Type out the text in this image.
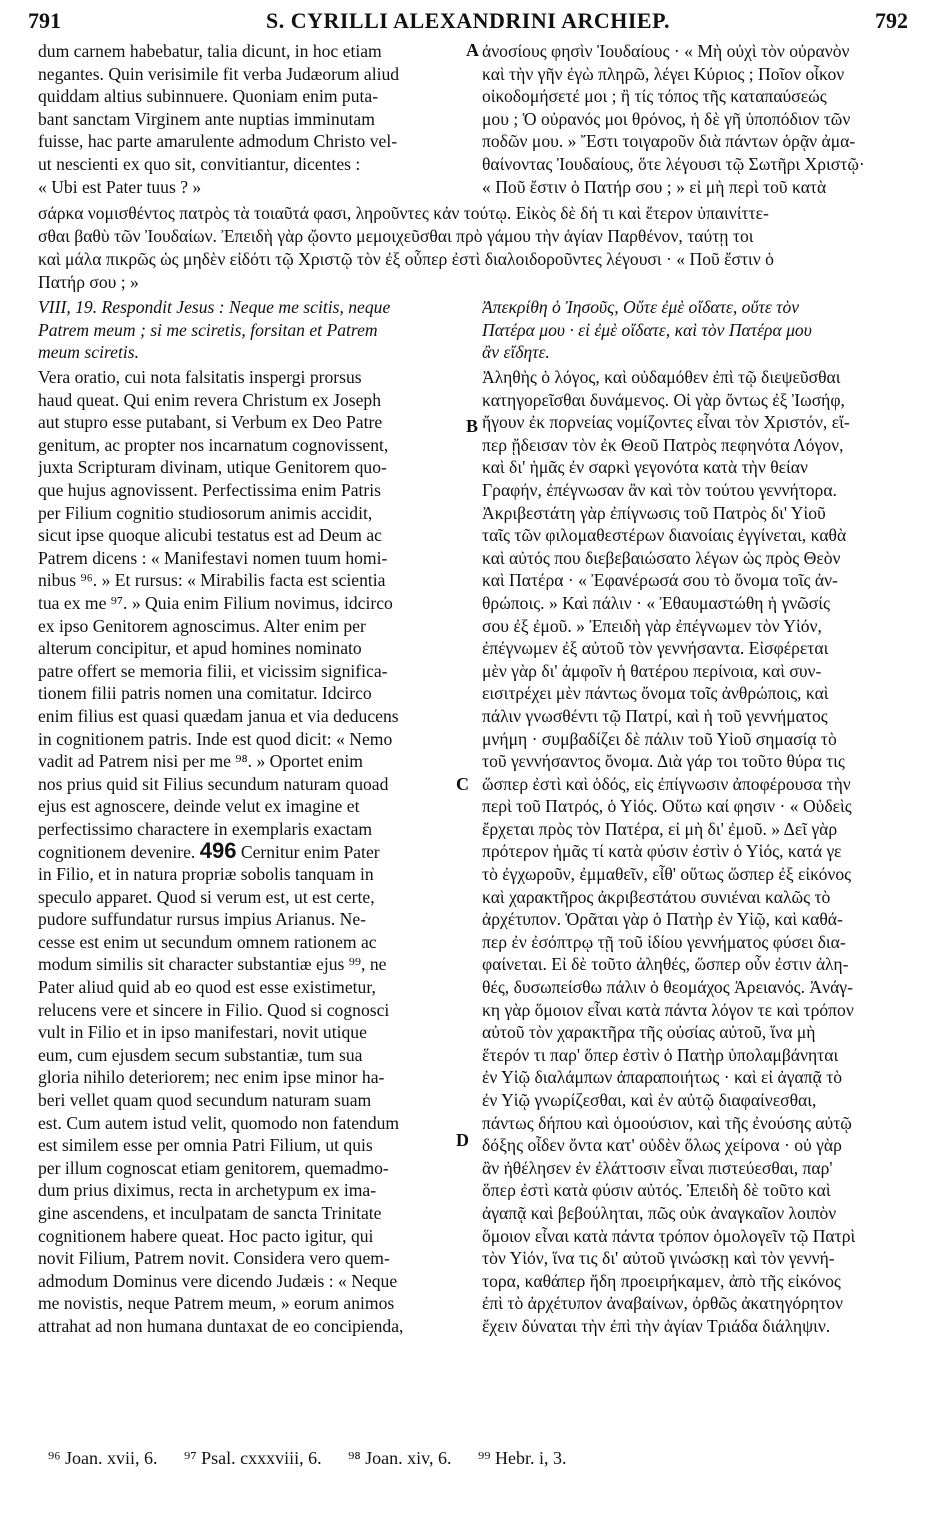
791	S. CYRILLI ALEXANDRINI ARCHIEP.	792
dum carnem habebatur, talia dicunt, in hoc etiam
negantes. Quin verisimile fit verba Judæorum aliud
quiddam altius subinnuere. Quoniam enim puta-
bant sanctam Virginem ante nuptias imminutam
fuisse, hac parte amarulente admodum Christo vel-
ut nescienti ex quo sit, convitiantur, dicentes :
« Ubi est Pater tuus ? »
ἀνοσίους φησὶν Ἰουδαίους · « Μὴ οὐχὶ τὸν οὐρανὸν
καὶ τὴν γῆν ἐγὼ πληρῶ, λέγει Κύριος ; Ποῖον οἶκον
οἰκοδομήσετέ μοι ; ἢ τίς τόπος τῆς καταπαύσεώς
μου ; Ὁ οὐρανός μοι θρόνος, ἡ δὲ γῆ ὑποπόδιον τῶν
ποδῶν μου. » Ἔστι τοιγαροῦν διὰ πάντων ὁρᾷν ἀμα-
θαίνοντας Ἰουδαίους, ὅτε λέγουσι τῷ Σωτῆρι Χριστῷ·
« Ποῦ ἔστιν ὁ Πατήρ σου ; » εἰ μὴ περὶ τοῦ κατὰ
σάρκα νομισθέντος πατρὸς τὰ τοιαῦτά φασι, ληροῦντες κἀν τούτῳ. Εἰκὸς δὲ δή τι καὶ ἕτερον ὑπαινίττε-
σθαι βαθὺ τῶν Ἰουδαίων. Ἐπειδὴ γὰρ ᾤοντο μεμοιχεῦσθαι πρὸ γάμου τὴν ἁγίαν Παρθένον, ταύτῃ τοι
καὶ μάλα πικρῶς ὡς μηδὲν εἰδότι τῷ Χριστῷ τὸν ἐξ οὗπερ ἐστὶ διαλοιδοροῦντες λέγουσι · « Ποῦ ἔστιν ὁ
Πατήρ σου ; »
VIII, 19. Respondit Jesus : Neque me scitis, neque
Patrem meum ; si me sciretis, forsitan et Patrem
meum sciretis.
Ἀπεκρίθη ὁ Ἰησοῦς, Οὔτε ἐμὲ οἴδατε, οὔτε τὸν
Πατέρα μου · εἰ ἐμὲ οἴδατε, καὶ τὸν Πατέρα μου
ἂν εἴδητε.
Vera oratio, cui nota falsitatis inspergi prorsus
haud queat. Qui enim revera Christum ex Joseph
aut stupro esse putabant, si Verbum ex Deo Patre
genitum, ac propter nos incarnatum cognovissent,
juxta Scripturam divinam, utique Genitorem quo-
que hujus agnovissent. Perfectissima enim Patris
per Filium cognitio studiosorum animis accidit,
sicut ipse quoque alicubi testatus est ad Deum ac
Patrem dicens : « Manifestavi nomen tuum homi-
nibus ⁹⁶. » Et rursus: « Mirabilis facta est scientia
tua ex me ⁹⁷. » Quia enim Filium novimus, idcirco
ex ipso Genitorem agnoscimus. Alter enim per
alterum concipitur, et apud homines nominato
patre offert se memoria filii, et vicissim significa-
tionem filii patris nomen una comitatur. Idcirco
enim filius est quasi quædam janua et via deducens
in cognitionem patris. Inde est quod dicit: « Nemo
vadit ad Patrem nisi per me ⁹⁸. » Oportet enim
nos prius quid sit Filius secundum naturam quoad
ejus est agnoscere, deinde velut ex imagine et
perfectissimo charactere in exemplaris exactam
cognitionem devenire. 496 Cernitur enim Pater
in Filio, et in natura propriæ sobolis tanquam in
speculo apparet. Quod si verum est, ut est certe,
pudore suffundatur rursus impius Arianus. Ne-
cesse est enim ut secundum omnem rationem ac
modum similis sit character substantiæ ejus ⁹⁹, ne
Pater aliud quid ab eo quod est esse existimetur,
relucens vere et sincere in Filio. Quod si cognosci
vult in Filio et in ipso manifestari, novit utique
eum, cum ejusdem secum substantiæ, tum sua
gloria nihilo deteriorem; nec enim ipse minor ha-
beri vellet quam quod secundum naturam suam
est. Cum autem istud velit, quomodo non fatendum
est similem esse per omnia Patri Filium, ut quis
per illum cognoscat etiam genitorem, quemadmo-
dum prius diximus, recta in archetypum ex ima-
gine ascendens, et inculpatam de sancta Trinitate
cognitionem habere queat. Hoc pacto igitur, qui
novit Filium, Patrem novit. Considera vero quem-
admodum Dominus vere dicendo Judæis : « Neque
me novistis, neque Patrem meum, » eorum animos
attrahat ad non humana duntaxat de eo concipienda,
Ἀληθὴς ὁ λόγος, καὶ οὐδαμόθεν ἐπὶ τῷ διεψεῦσθαι
κατηγορεῖσθαι δυνάμενος. Οἱ γὰρ ὄντως ἐξ Ἰωσήφ,
ἤγουν ἐκ πορνείας νομίζοντες εἶναι τὸν Χριστόν, εἴ-
περ ᾔδεισαν τὸν ἐκ Θεοῦ Πατρὸς πεφηνότα Λόγον,
καὶ δι' ἡμᾶς ἐν σαρκὶ γεγονότα κατὰ τὴν θείαν
Γραφήν, ἐπέγνωσαν ἂν καὶ τὸν τούτου γεννήτορα.
Ἀκριβεστάτη γὰρ ἐπίγνωσις τοῦ Πατρὸς δι' Υἱοῦ
ταῖς τῶν φιλομαθεστέρων διανοίαις ἐγγίνεται, καθὰ
καὶ αὐτός που διεβεβαιώσατο λέγων ὡς πρὸς Θεὸν
καὶ Πατέρα · « Ἐφανέρωσά σου τὸ ὄνομα τοῖς ἀν-
θρώποις. » Καὶ πάλιν · « Ἐθαυμαστώθη ἡ γνῶσίς
σου ἐξ ἐμοῦ. » Ἐπειδὴ γὰρ ἐπέγνωμεν τὸν Υἱόν,
ἐπέγνωμεν ἐξ αὐτοῦ τὸν γεννήσαντα. Εἰσφέρεται
μὲν γὰρ δι' ἀμφοῖν ἡ θατέρου περίνοια, καὶ συν-
εισιτρέχει μὲν πάντως ὄνομα τοῖς ἀνθρώποις, καὶ
πάλιν γνωσθέντι τῷ Πατρί, καὶ ἡ τοῦ γεννήματος
μνήμη · συμβαδίζει δὲ πάλιν τοῦ Υἱοῦ σημασίᾳ τὸ
τοῦ γεννήσαντος ὄνομα. Διὰ γάρ τοι τοῦτο θύρα τις
ὥσπερ ἐστὶ καὶ ὁδός, εἰς ἐπίγνωσιν ἀποφέρουσα τὴν
περὶ τοῦ Πατρός, ὁ Υἱός. Οὕτω καί φησιν · « Οὐδεὶς
ἔρχεται πρὸς τὸν Πατέρα, εἰ μὴ δι' ἐμοῦ. » Δεῖ γὰρ
πρότερον ἡμᾶς τί κατὰ φύσιν ἐστὶν ὁ Υἱός, κατά γε
τὸ ἐγχωροῦν, ἐμμαθεῖν, εἶθ' οὕτως ὥσπερ ἐξ εἰκόνος
καὶ χαρακτῆρος ἀκριβεστάτου συνιέναι καλῶς τὸ
ἀρχέτυπον. Ὁρᾶται γὰρ ὁ Πατὴρ ἐν Υἱῷ, καὶ καθά-
περ ἐν ἐσόπτρῳ τῇ τοῦ ἰδίου γεννήματος φύσει δια-
φαίνεται. Εἰ δὲ τοῦτο ἀληθές, ὥσπερ οὖν ἐστιν ἀλη-
θές, δυσωπείσθω πάλιν ὁ θεομάχος Ἀρειανός. Ἀνάγ-
κη γὰρ ὅμοιον εἶναι κατὰ πάντα λόγον τε καὶ τρόπον
αὐτοῦ τὸν χαρακτῆρα τῆς οὐσίας αὐτοῦ, ἵνα μὴ
ἕτερόν τι παρ' ὅπερ ἐστὶν ὁ Πατὴρ ὑπολαμβάνηται
ἐν Υἱῷ διαλάμπων ἀπαραποιήτως · καὶ εἰ ἀγαπᾷ τὸ
ἐν Υἱῷ γνωρίζεσθαι, καὶ ἐν αὐτῷ διαφαίνεσθαι,
πάντως δήπου καὶ ὁμοούσιον, καὶ τῆς ἐνούσης αὐτῷ
δόξης οἶδεν ὄντα κατ' οὐδὲν ὅλως χείρονα · οὐ γὰρ
ἂν ἠθέλησεν ἐν ἐλάττοσιν εἶναι πιστεύεσθαι, παρ'
ὅπερ ἐστὶ κατὰ φύσιν αὐτός. Ἐπειδὴ δὲ τοῦτο καὶ
ἀγαπᾷ καὶ βεβούληται, πῶς οὐκ ἀναγκαῖον λοιπὸν
ὅμοιον εἶναι κατὰ πάντα τρόπον ὁμολογεῖν τῷ Πατρὶ
τὸν Υἱόν, ἵνα τις δι' αὐτοῦ γινώσκῃ καὶ τὸν γεννή-
τορα, καθάπερ ἤδη προειρήκαμεν, ἀπὸ τῆς εἰκόνος
ἐπὶ τὸ ἀρχέτυπον ἀναβαίνων, ὀρθῶς ἀκατηγόρητον
ἔχειν δύναται τὴν ἐπὶ τὴν ἁγίαν Τριάδα διάληψιν.
A
B
C
D
⁹⁶ Joan. xvii, 6. ⁹⁷ Psal. cxxxviii, 6. ⁹⁸ Joan. xiv, 6. ⁹⁹ Hebr. i, 3.
